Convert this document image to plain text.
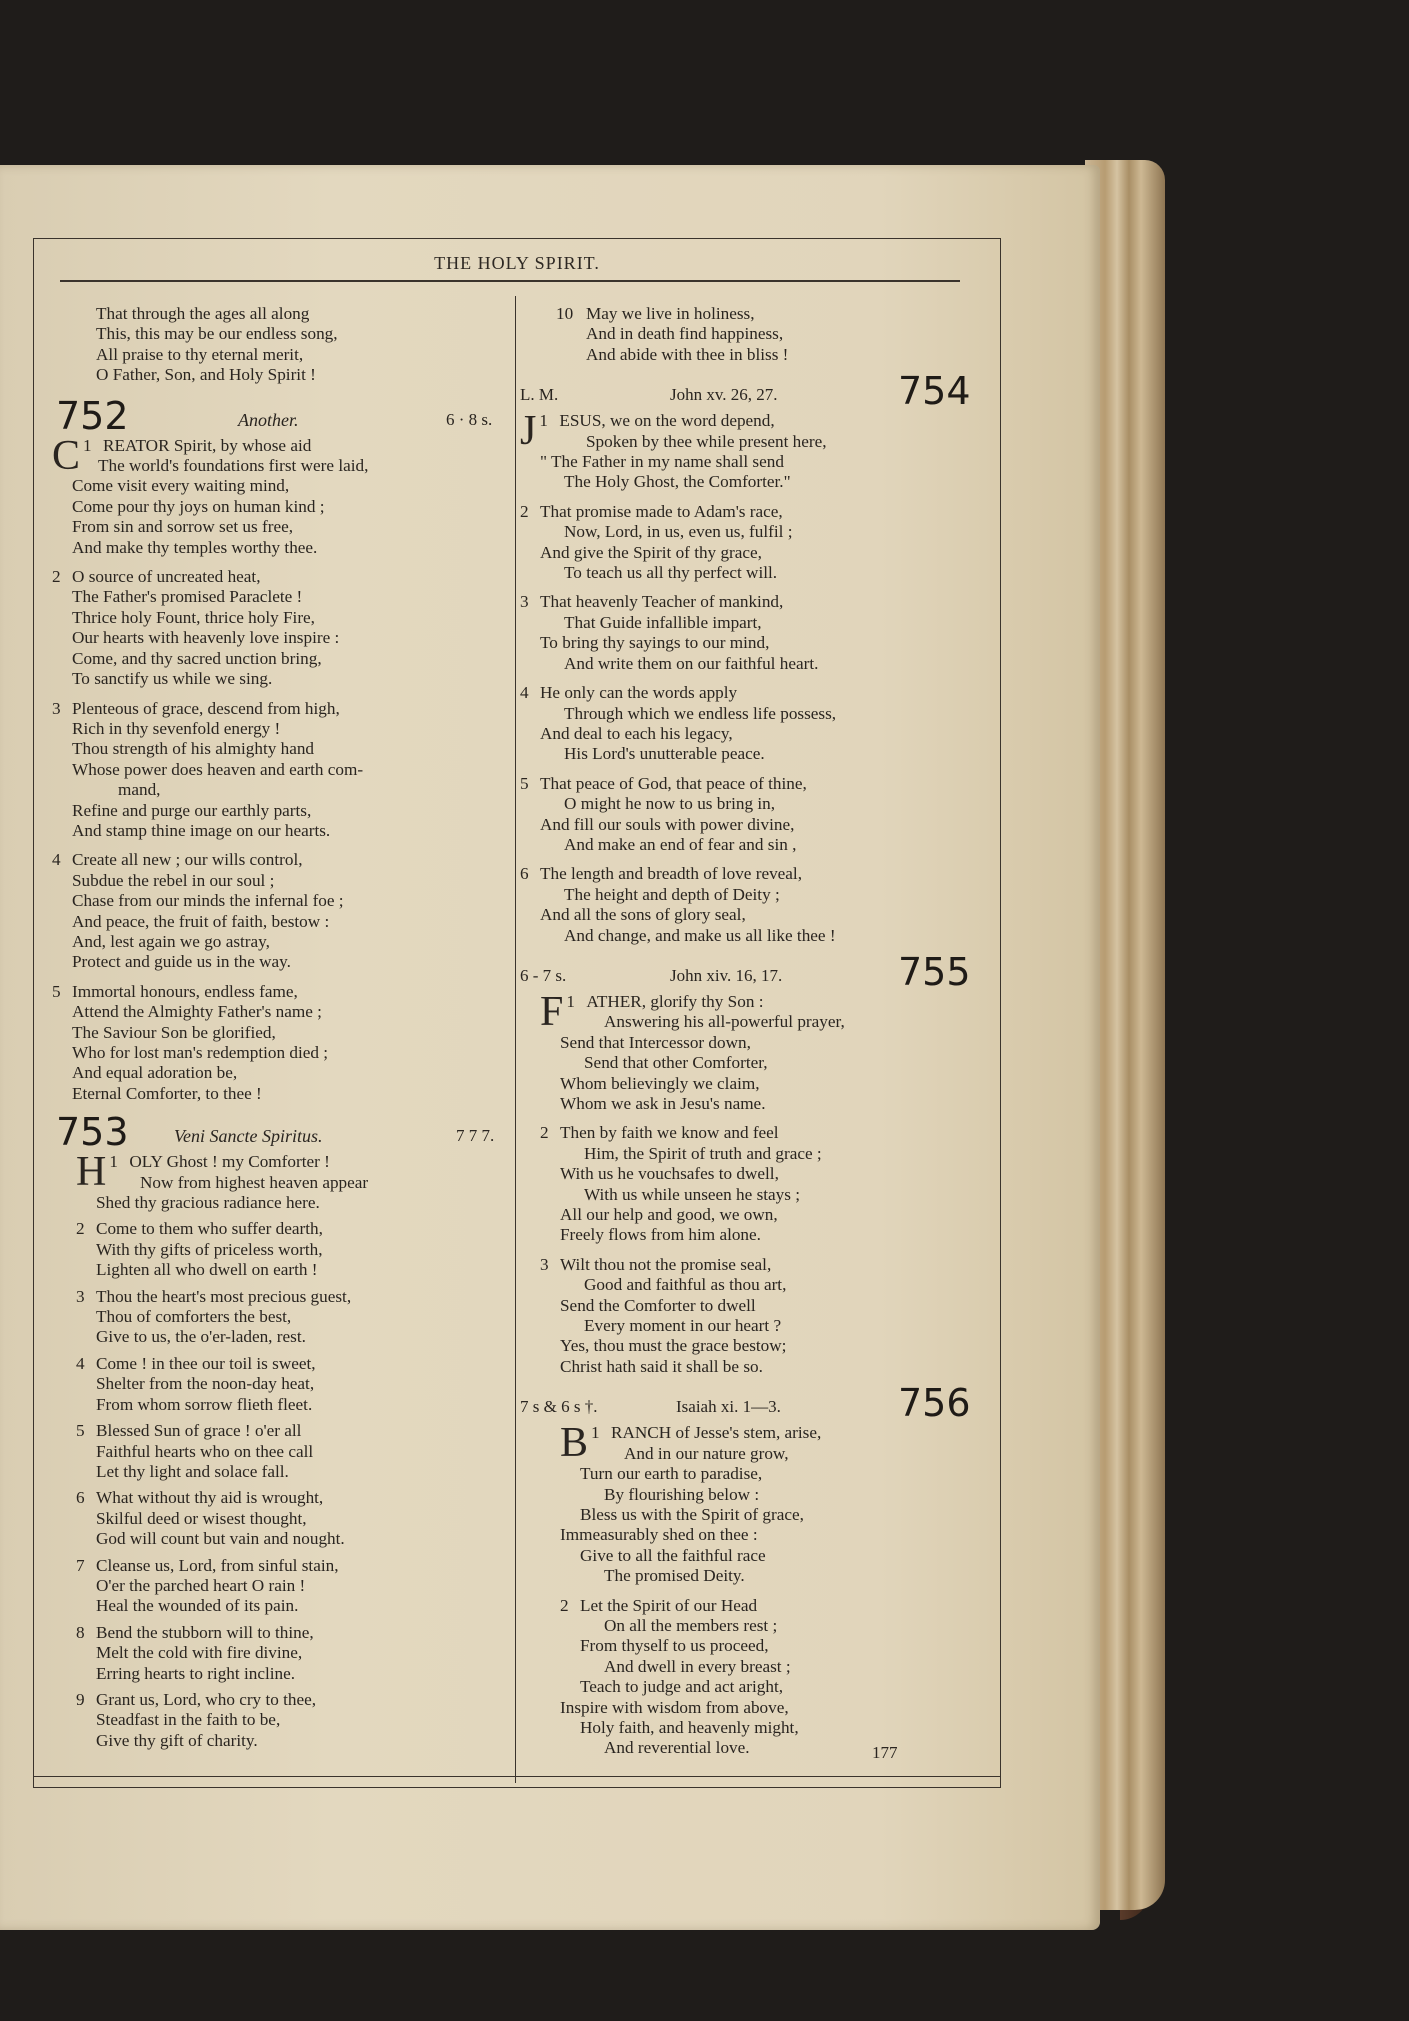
THE HOLY SPIRIT.
That through the ages all along
This, this may be our endless song,
All praise to thy eternal merit,
O Father, Son, and Holy Spirit !
752	Another.	6 · 8 s.
1
C REATOR Spirit, by whose aid
The world's foundations first were laid,
Come visit every waiting mind,
Come pour thy joys on human kind ;
From sin and sorrow set us free,
And make thy temples worthy thee.
2 O source of uncreated heat,
The Father's promised Paraclete !
Thrice holy Fount, thrice holy Fire,
Our hearts with heavenly love inspire :
Come, and thy sacred unction bring,
To sanctify us while we sing.
3 Plenteous of grace, descend from high,
Rich in thy sevenfold energy !
Thou strength of his almighty hand
Whose power does heaven and earth com-
mand,
Refine and purge our earthly parts,
And stamp thine image on our hearts.
4 Create all new ; our wills control,
Subdue the rebel in our soul ;
Chase from our minds the infernal foe ;
And peace, the fruit of faith, bestow :
And, lest again we go astray,
Protect and guide us in the way.
5 Immortal honours, endless fame,
Attend the Almighty Father's name ;
The Saviour Son be glorified,
Who for lost man's redemption died ;
And equal adoration be,
Eternal Comforter, to thee !
753	Veni Sancte Spiritus.	7 7 7.
1
H OLY Ghost ! my Comforter !
Now from highest heaven appear
Shed thy gracious radiance here.
2 Come to them who suffer dearth,
With thy gifts of priceless worth,
Lighten all who dwell on earth !
3 Thou the heart's most precious guest,
Thou of comforters the best,
Give to us, the o'er-laden, rest.
4 Come ! in thee our toil is sweet,
Shelter from the noon-day heat,
From whom sorrow flieth fleet.
5 Blessed Sun of grace ! o'er all
Faithful hearts who on thee call
Let thy light and solace fall.
6 What without thy aid is wrought,
Skilful deed or wisest thought,
God will count but vain and nought.
7 Cleanse us, Lord, from sinful stain,
O'er the parched heart O rain !
Heal the wounded of its pain.
8 Bend the stubborn will to thine,
Melt the cold with fire divine,
Erring hearts to right incline.
9 Grant us, Lord, who cry to thee,
Steadfast in the faith to be,
Give thy gift of charity.
10 May we live in holiness,
And in death find happiness,
And abide with thee in bliss !
L. M.	John xv. 26, 27.	754
1
J ESUS, we on the word depend,
Spoken by thee while present here,
" The Father in my name shall send
The Holy Ghost, the Comforter."
2 That promise made to Adam's race,
Now, Lord, in us, even us, fulfil ;
And give the Spirit of thy grace,
To teach us all thy perfect will.
3 That heavenly Teacher of mankind,
That Guide infallible impart,
To bring thy sayings to our mind,
And write them on our faithful heart.
4 He only can the words apply
Through which we endless life possess,
And deal to each his legacy,
His Lord's unutterable peace.
5 That peace of God, that peace of thine,
O might he now to us bring in,
And fill our souls with power divine,
And make an end of fear and sin ,
6 The length and breadth of love reveal,
The height and depth of Deity ;
And all the sons of glory seal,
And change, and make us all like thee !
6 - 7 s.	John xiv. 16, 17.	755
1
F ATHER, glorify thy Son :
Answering his all-powerful prayer,
Send that Intercessor down,
Send that other Comforter,
Whom believingly we claim,
Whom we ask in Jesu's name.
2 Then by faith we know and feel
Him, the Spirit of truth and grace ;
With us he vouchsafes to dwell,
With us while unseen he stays ;
All our help and good, we own,
Freely flows from him alone.
3 Wilt thou not the promise seal,
Good and faithful as thou art,
Send the Comforter to dwell
Every moment in our heart ?
Yes, thou must the grace bestow;
Christ hath said it shall be so.
7 s & 6 s †.	Isaiah xi. 1—3.	756
1
B RANCH of Jesse's stem, arise,
And in our nature grow,
Turn our earth to paradise,
By flourishing below :
Bless us with the Spirit of grace,
Immeasurably shed on thee :
Give to all the faithful race
The promised Deity.
2 Let the Spirit of our Head
On all the members rest ;
From thyself to us proceed,
And dwell in every breast ;
Teach to judge and act aright,
Inspire with wisdom from above,
Holy faith, and heavenly might,
And reverential love.	177
